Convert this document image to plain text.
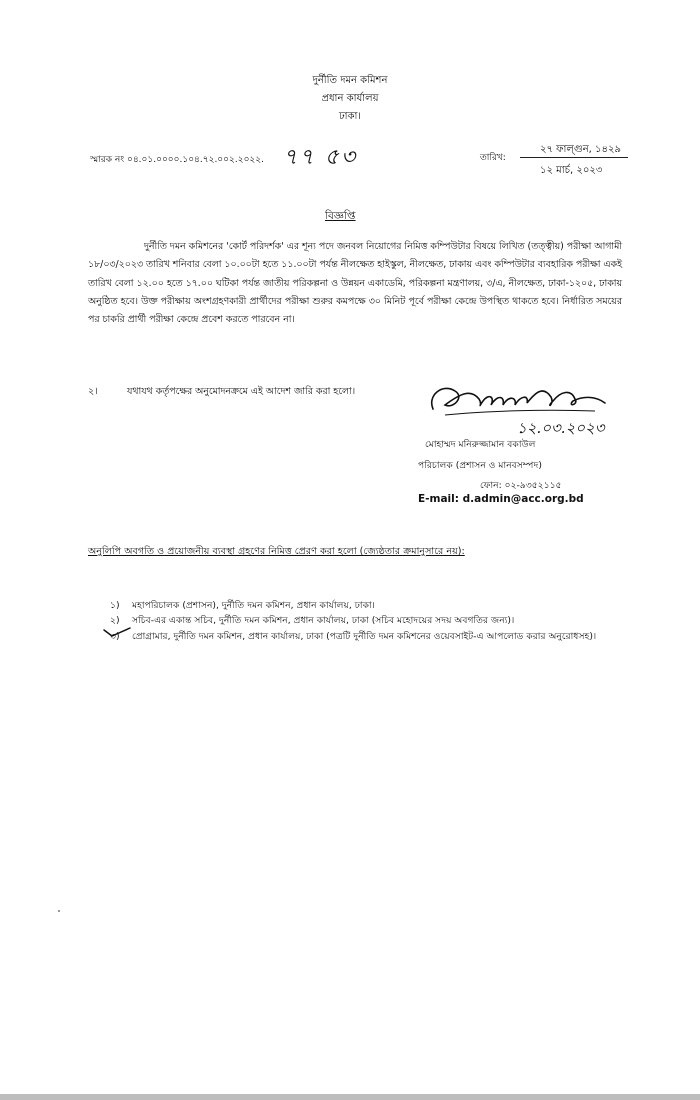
দুর্নীতি দমন কমিশন
প্রধান কার্যালয়
ঢাকা।
স্মারক নং ০৪.০১.০০০০.১০৪.৭২.০০২.২০২২. ৭৭ ৫৩	তারিখ:
২৭ ফাল্গুন, ১৪২৯
১২ মার্চ, ২০২৩
বিজ্ঞপ্তি
দুর্নীতি দমন কমিশনের 'কোর্ট পরিদর্শক' এর শূন্য পদে জনবল নিয়োগের নিমিত্ত কম্পিউটার বিষয়ে লিখিত (তত্ত্বীয়) পরীক্ষা আগামী ১৮/০৩/২০২৩ তারিখ শনিবার বেলা ১০.০০টা হতে ১১.০০টা পর্যন্ত নীলক্ষেত হাইস্কুল, নীলক্ষেত, ঢাকায় এবং কম্পিউটার ব্যবহারিক পরীক্ষা একই তারিখ বেলা ১২.০০ হতে ১৭.০০ ঘটিকা পর্যন্ত জাতীয় পরিকল্পনা ও উন্নয়ন একাডেমি, পরিকল্পনা মন্ত্রণালয়, ৩/এ, নীলক্ষেত, ঢাকা-১২০৫, ঢাকায় অনুষ্ঠিত হবে। উক্ত পরীক্ষায় অংশগ্রহণকারী প্রার্থীদের পরীক্ষা শুরুর কমপক্ষে ৩০ মিনিট পূর্বে পরীক্ষা কেন্দ্রে উপস্থিত থাকতে হবে। নির্ধারিত সময়ের পর চাকরি প্রার্থী পরীক্ষা কেন্দ্রে প্রবেশ করতে পারবেন না।
২।	যথাযথ কর্তৃপক্ষের অনুমোদনক্রমে এই আদেশ জারি করা হলো।
১২.০৩.২০২৩
মোহাম্মদ মনিরুজ্জামান বকাউল
পরিচালক (প্রশাসন ও মানবসম্পদ)
ফোন: ০২-৯৩৫২১১৫
E-mail: d.admin@acc.org.bd
অনুলিপি অবগতি ও প্রয়োজনীয় ব্যবস্থা গ্রহণের নিমিত্ত প্রেরণ করা হলো (জ্যেষ্ঠতার ক্রমানুসারে নয়):
১) মহাপরিচালক (প্রশাসন), দুর্নীতি দমন কমিশন, প্রধান কার্যালয়, ঢাকা।
২) সচিব-এর একান্ত সচিব, দুর্নীতি দমন কমিশন, প্রধান কার্যালয়, ঢাকা (সচিব মহোদয়ের সদয় অবগতির জন্য)।
৩) প্রোগ্রামার, দুর্নীতি দমন কমিশন, প্রধান কার্যালয়, ঢাকা (পত্রটি দুর্নীতি দমন কমিশনের ওয়েবসাইট-এ আপলোড করার অনুরোধসহ)।
